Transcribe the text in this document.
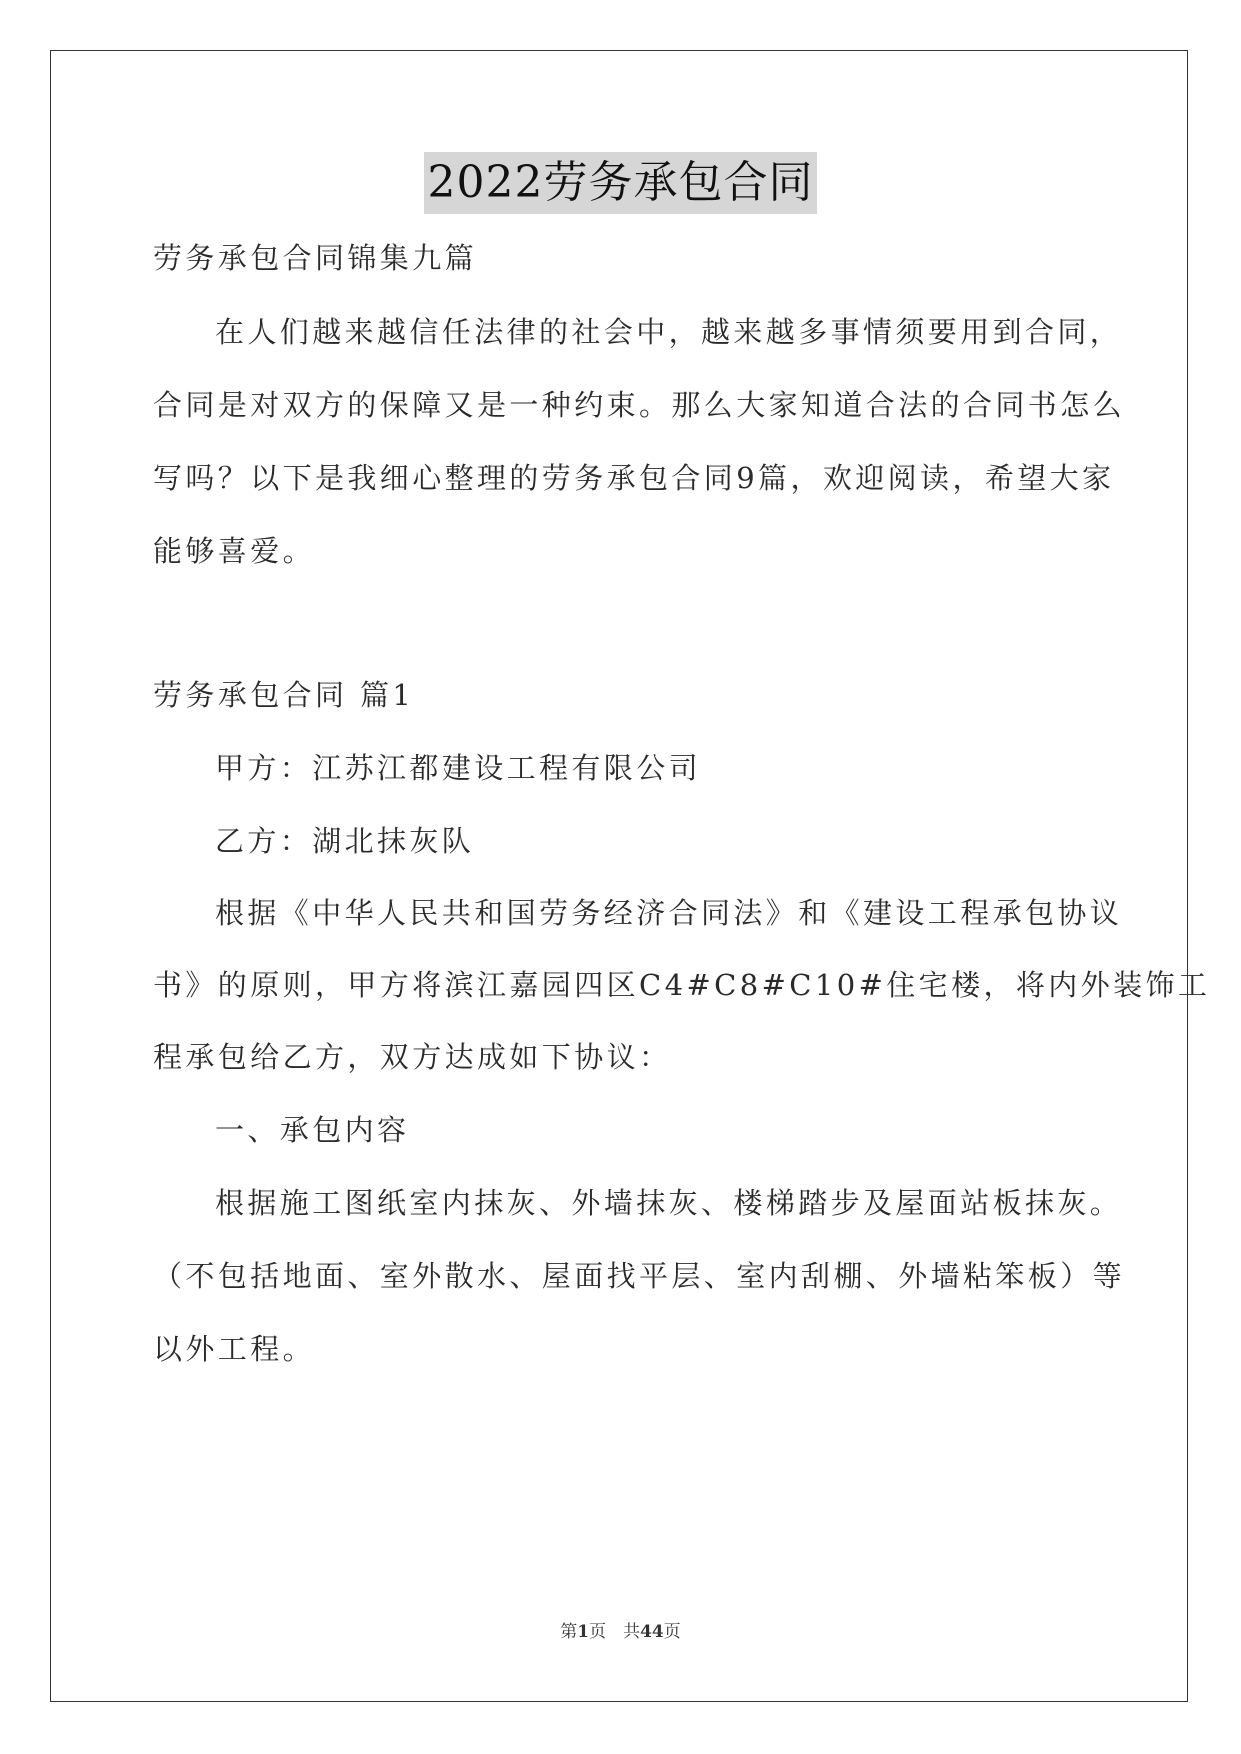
2022劳务承包合同
劳务承包合同锦集九篇
在人们越来越信任法律的社会中，越来越多事情须要用到合同，
合同是对双方的保障又是一种约束。那么大家知道合法的合同书怎么
写吗？以下是我细心整理的劳务承包合同9篇，欢迎阅读，希望大家
能够喜爱。
劳务承包合同 篇1
甲方：江苏江都建设工程有限公司
乙方：湖北抹灰队
根据《中华人民共和国劳务经济合同法》和《建设工程承包协议
书》的原则，甲方将滨江嘉园四区C4#C8#C10#住宅楼，将内外装饰工
程承包给乙方，双方达成如下协议：
一、承包内容
根据施工图纸室内抹灰、外墙抹灰、楼梯踏步及屋面站板抹灰。
（不包括地面、室外散水、屋面找平层、室内刮棚、外墙粘笨板）等
以外工程。
第1页　共44页
